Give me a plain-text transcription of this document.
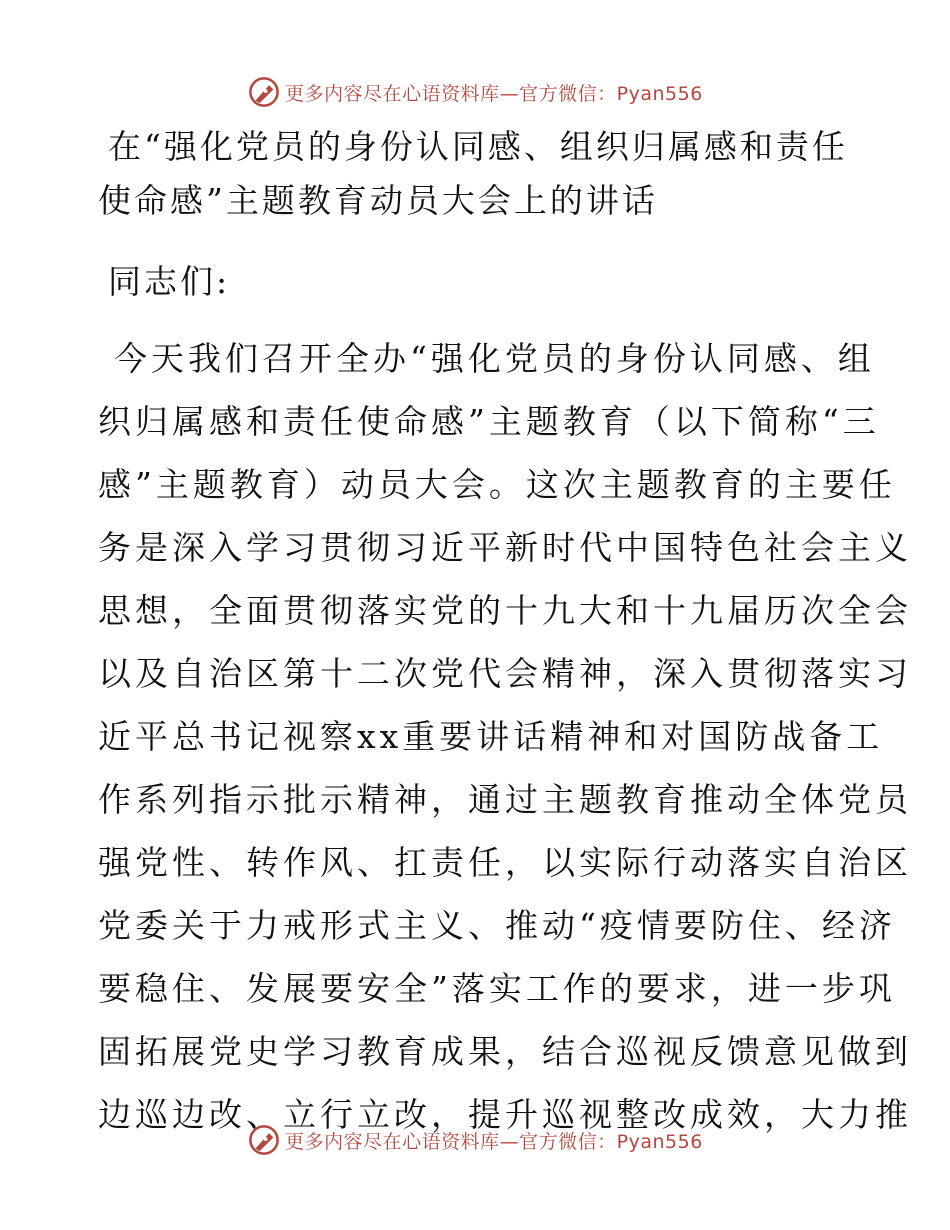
更多内容尽在心语资料库—官方微信：Pyan556
在“强化党员的身份认同感、组织归属感和责任
使命感”主题教育动员大会上的讲话

同志们:

今天我们召开全办“强化党员的身份认同感、组
织归属感和责任使命感”主题教育（以下简称“三
感”主题教育）动员大会。这次主题教育的主要任
务是深入学习贯彻习近平新时代中国特色社会主义
思想，全面贯彻落实党的十九大和十九届历次全会
以及自治区第十二次党代会精神，深入贯彻落实习
近平总书记视察xx重要讲话精神和对国防战备工
作系列指示批示精神，通过主题教育推动全体党员
强党性、转作风、扛责任，以实际行动落实自治区
党委关于力戒形式主义、推动“疫情要防住、经济
要稳住、发展要安全”落实工作的要求，进一步巩
固拓展党史学习教育成果，结合巡视反馈意见做到
边巡边改、立行立改，提升巡视整改成效，大力推
更多内容尽在心语资料库—官方微信：Pyan556
